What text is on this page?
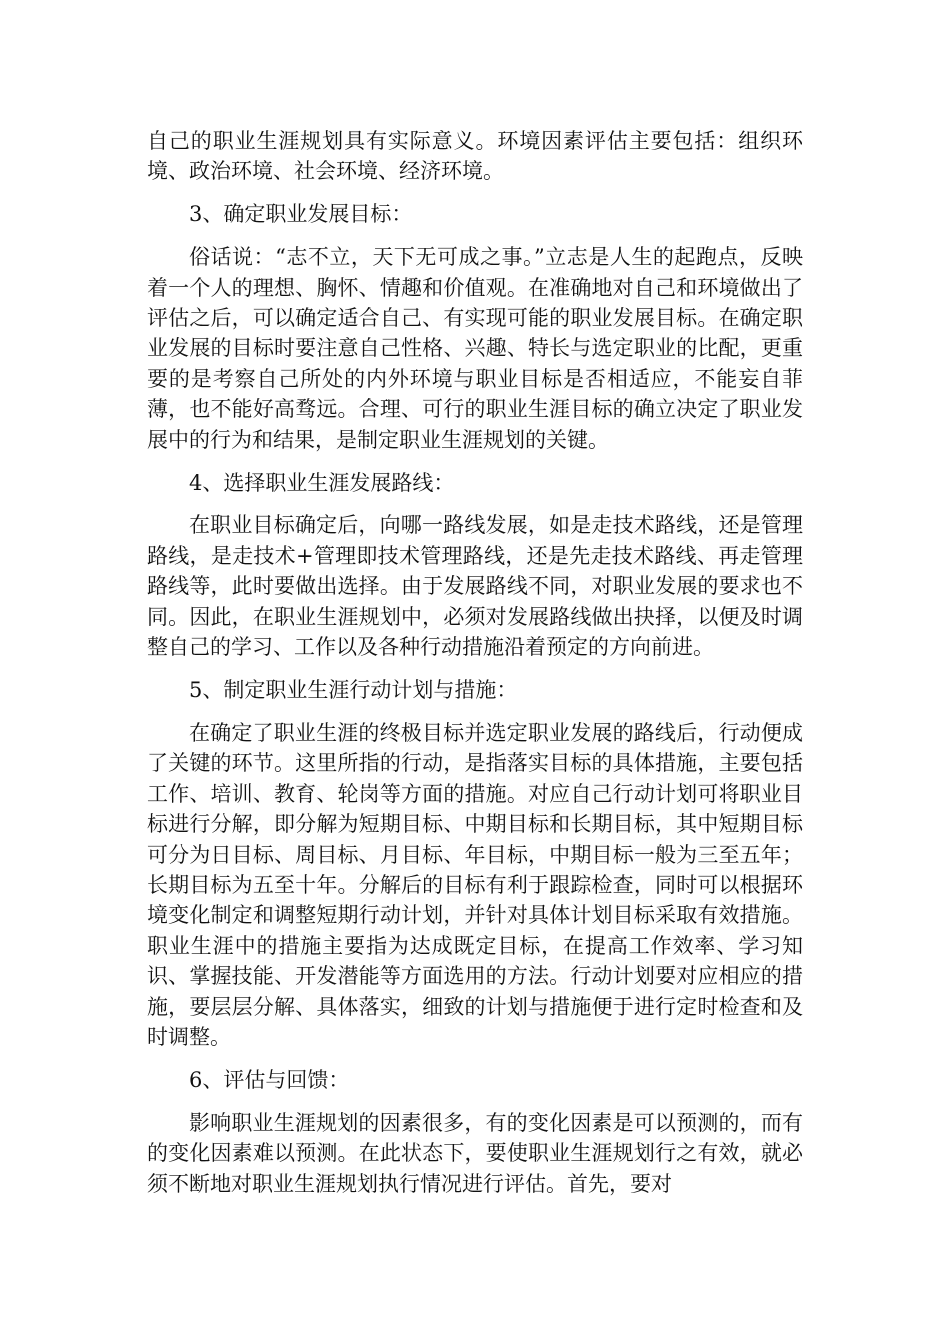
自己的职业生涯规划具有实际意义。环境因素评估主要包括：组织环境、政治环境、社会环境、经济环境。

3、确定职业发展目标：

俗话说：“志不立，天下无可成之事。”立志是人生的起跑点，反映着一个人的理想、胸怀、情趣和价值观。在准确地对自己和环境做出了评估之后，可以确定适合自己、有实现可能的职业发展目标。在确定职业发展的目标时要注意自己性格、兴趣、特长与选定职业的比配，更重要的是考察自己所处的内外环境与职业目标是否相适应，不能妄自菲薄，也不能好高骛远。合理、可行的职业生涯目标的确立决定了职业发展中的行为和结果，是制定职业生涯规划的关键。

4、选择职业生涯发展路线：

在职业目标确定后，向哪一路线发展，如是走技术路线，还是管理路线，是走技术+管理即技术管理路线，还是先走技术路线、再走管理路线等，此时要做出选择。由于发展路线不同，对职业发展的要求也不同。因此，在职业生涯规划中，必须对发展路线做出抉择，以便及时调整自己的学习、工作以及各种行动措施沿着预定的方向前进。

5、制定职业生涯行动计划与措施：

在确定了职业生涯的终极目标并选定职业发展的路线后，行动便成了关键的环节。这里所指的行动，是指落实目标的具体措施，主要包括工作、培训、教育、轮岗等方面的措施。对应自己行动计划可将职业目标进行分解，即分解为短期目标、中期目标和长期目标，其中短期目标可分为日目标、周目标、月目标、年目标，中期目标一般为三至五年；长期目标为五至十年。分解后的目标有利于跟踪检查，同时可以根据环境变化制定和调整短期行动计划，并针对具体计划目标采取有效措施。职业生涯中的措施主要指为达成既定目标，在提高工作效率、学习知识、掌握技能、开发潜能等方面选用的方法。行动计划要对应相应的措施，要层层分解、具体落实，细致的计划与措施便于进行定时检查和及时调整。

6、评估与回馈：

影响职业生涯规划的因素很多，有的变化因素是可以预测的，而有的变化因素难以预测。在此状态下，要使职业生涯规划行之有效，就必须不断地对职业生涯规划执行情况进行评估。首先，要对
